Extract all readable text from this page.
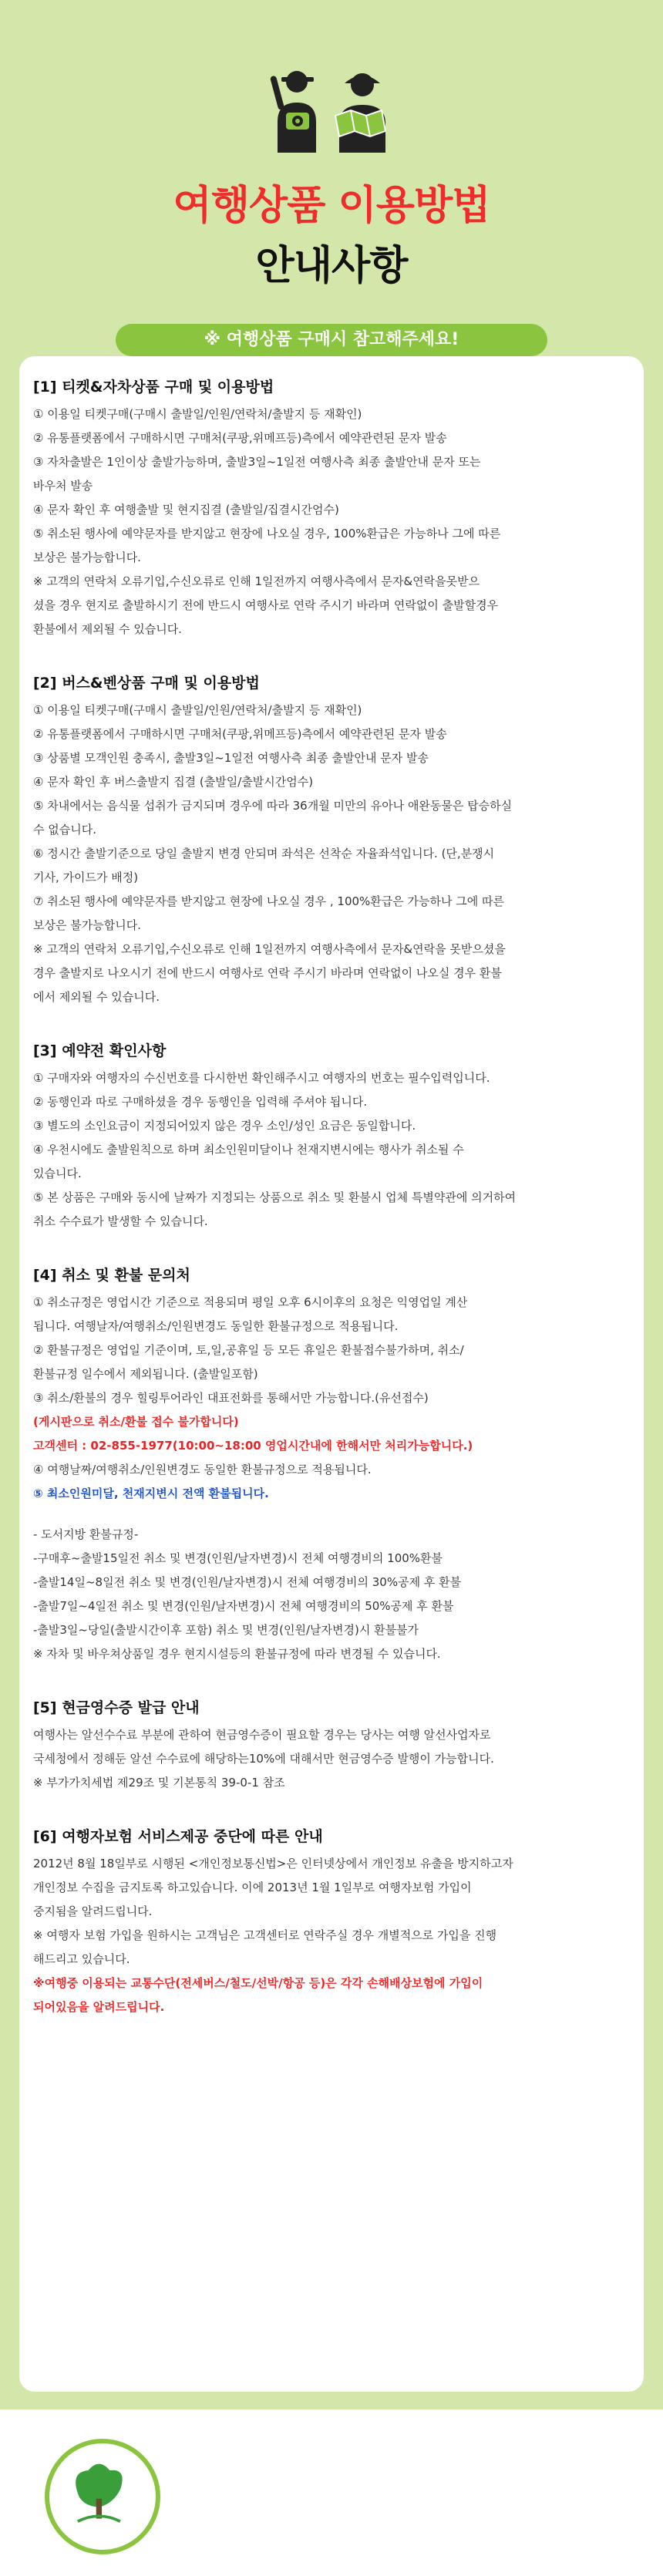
여행상품 이용방법
안내사항
※ 여행상품 구매시 참고해주세요!
[1] 티켓&자차상품 구매 및 이용방법
① 이용일 티켓구매(구매시 출발일/인원/연락처/출발지 등 재확인)
② 유통플랫폼에서 구매하시면 구매처(쿠팡,위메프등)측에서 예약관련된 문자 발송
③ 자차출발은 1인이상 출발가능하며, 출발3일~1일전 여행사측 최종 출발안내 문자 또는
바우처 발송
④ 문자 확인 후 여행출발 및 현지집결 (출발일/집결시간엄수)
⑤ 취소된 행사에 예약문자를 받지않고 현장에 나오실 경우, 100%환급은 가능하나 그에 따른
보상은 불가능합니다.
※ 고객의 연락처 오류기입,수신오류로 인해 1일전까지 여행사측에서 문자&연락을못받으
셨을 경우 현지로 출발하시기 전에 반드시 여행사로 연락 주시기 바라며 연락없이 출발할경우
환불에서 제외될 수 있습니다.
[2] 버스&벤상품 구매 및 이용방법
① 이용일 티켓구매(구매시 출발일/인원/연락처/출발지 등 재확인)
② 유통플랫폼에서 구매하시면 구매처(쿠팡,위메프등)측에서 예약관련된 문자 발송
③ 상품별 모객인원 충족시, 출발3일~1일전 여행사측 최종 출발안내 문자 발송
④ 문자 확인 후 버스출발지 집결 (출발일/출발시간엄수)
⑤ 차내에서는 음식물 섭취가 금지되며 경우에 따라 36개월 미만의 유아나 애완동물은 탑승하실
수 없습니다.
⑥ 정시간 출발기준으로 당일 출발지 변경 안되며 좌석은 선착순 자율좌석입니다. (단,분쟁시
기사, 가이드가 배정)
⑦ 취소된 행사에 예약문자를 받지않고 현장에 나오실 경우 , 100%환급은 가능하나 그에 따른
보상은 불가능합니다.
※ 고객의 연락처 오류기입,수신오류로 인해 1일전까지 여행사측에서 문자&연락을 못받으셨을
경우 출발지로 나오시기 전에 반드시 여행사로 연락 주시기 바라며 연락없이 나오실 경우 환불
에서 제외될 수 있습니다.
[3] 예약전 확인사항
① 구매자와 여행자의 수신번호를 다시한번 확인해주시고 여행자의 번호는 필수입력입니다.
② 동행인과 따로 구매하셨을 경우 동행인을 입력해 주셔야 됩니다.
③ 별도의 소인요금이 지정되어있지 않은 경우 소인/성인 요금은 동일합니다.
④ 우천시에도 출발원칙으로 하며 최소인원미달이나 천재지변시에는 행사가 취소될 수
있습니다.
⑤ 본 상품은 구매와 동시에 날짜가 지정되는 상품으로 취소 및 환불시 업체 특별약관에 의거하여
취소 수수료가 발생할 수 있습니다.
[4] 취소 및 환불 문의처
① 취소규정은 영업시간 기준으로 적용되며 평일 오후 6시이후의 요청은 익영업일 계산
됩니다. 여행날자/여행취소/인원변경도 동일한 환불규정으로 적용됩니다.
② 환불규정은 영업일 기준이며, 토,일,공휴일 등 모든 휴일은 환불접수불가하며, 취소/
환불규정 일수에서 제외됩니다. (출발일포함)
③ 취소/환불의 경우 힐링투어라인 대표전화를 통해서만 가능합니다.(유선접수)
(게시판으로 취소/환불 접수 불가합니다)
고객센터 : 02-855-1977(10:00~18:00 영업시간내에 한해서만 처리가능합니다.)
④ 여행날짜/여행취소/인원변경도 동일한 환불규정으로 적용됩니다.
⑤ 최소인원미달, 천재지변시 전액 환불됩니다.
- 도서지방 환불규정-
-구매후~출발15일전 취소 및 변경(인원/날자변경)시 전체 여행경비의 100%환불
-출발14일~8일전 취소 및 변경(인원/날자변경)시 전체 여행경비의 30%공제 후 환불
-출발7일~4일전 취소 및 변경(인원/날자변경)시 전체 여행경비의 50%공제 후 환불
-출발3일~당일(출발시간이후 포함) 취소 및 변경(인원/날자변경)시 환불불가
※ 자차 및 바우쳐상품일 경우 현지시설등의 환불규정에 따라 변경될 수 있습니다.
[5] 현금영수증 발급 안내
여행사는 알선수수료 부분에 관하여 현금영수증이 필요할 경우는 당사는 여행 알선사업자로
국세청에서 정해둔 알선 수수료에 해당하는10%에 대해서만 현금영수증 발행이 가능합니다.
※ 부가가치세법 제29조 및 기본통칙 39-0-1 참조
[6] 여행자보험 서비스제공 중단에 따른 안내
2012년 8월 18일부로 시행된 <개인정보통신법>은 인터넷상에서 개인정보 유출을 방지하고자
개인정보 수집을 금지토록 하고있습니다. 이에 2013년 1월 1일부로 여행자보험 가입이
중지됨을 알려드립니다.
※ 여행자 보험 가입을 원하시는 고객님은 고객센터로 연락주실 경우 개별적으로 가입을 진행
해드리고 있습니다.
※여행중 이용되는 교통수단(전세버스/철도/선박/항공 등)은 각각 손해배상보험에 가입이
되어있음을 알려드립니다.
